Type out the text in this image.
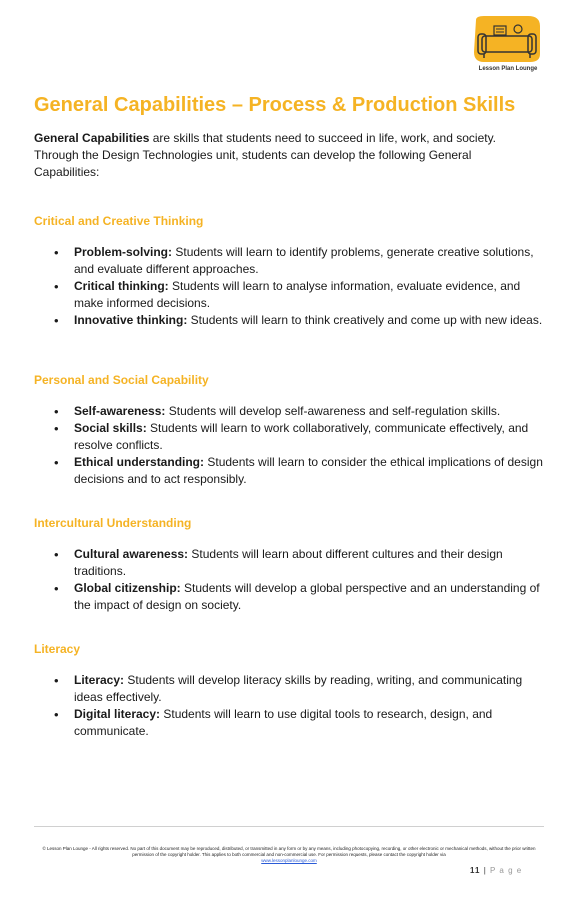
Lesson Plan Lounge
General Capabilities – Process & Production Skills

General Capabilities are skills that students need to succeed in life, work, and society. Through the Design Technologies unit, students can develop the following General Capabilities:

Critical and Creative Thinking
• Problem-solving: Students will learn to identify problems, generate creative solutions, and evaluate different approaches.
• Critical thinking: Students will learn to analyse information, evaluate evidence, and make informed decisions.
• Innovative thinking: Students will learn to think creatively and come up with new ideas.
Personal and Social Capability
• Self-awareness: Students will develop self-awareness and self-regulation skills.
• Social skills: Students will learn to work collaboratively, communicate effectively, and resolve conflicts.
• Ethical understanding: Students will learn to consider the ethical implications of design decisions and to act responsibly.
Intercultural Understanding
• Cultural awareness: Students will learn about different cultures and their design traditions.
• Global citizenship: Students will develop a global perspective and an understanding of the impact of design on society.
Literacy
• Literacy: Students will develop literacy skills by reading, writing, and communicating ideas effectively.
• Digital literacy: Students will learn to use digital tools to research, design, and communicate.
© Lesson Plan Lounge - All rights reserved. No part of this document may be reproduced, distributed, or transmitted in any form or by any means, including photocopying, recording, or other electronic or mechanical methods, without the prior written permission of the copyright holder. This applies to both commercial and non-commercial use. For permission requests, please contact the copyright holder via
www.lessonplanlounge.com
11 | P a g e
